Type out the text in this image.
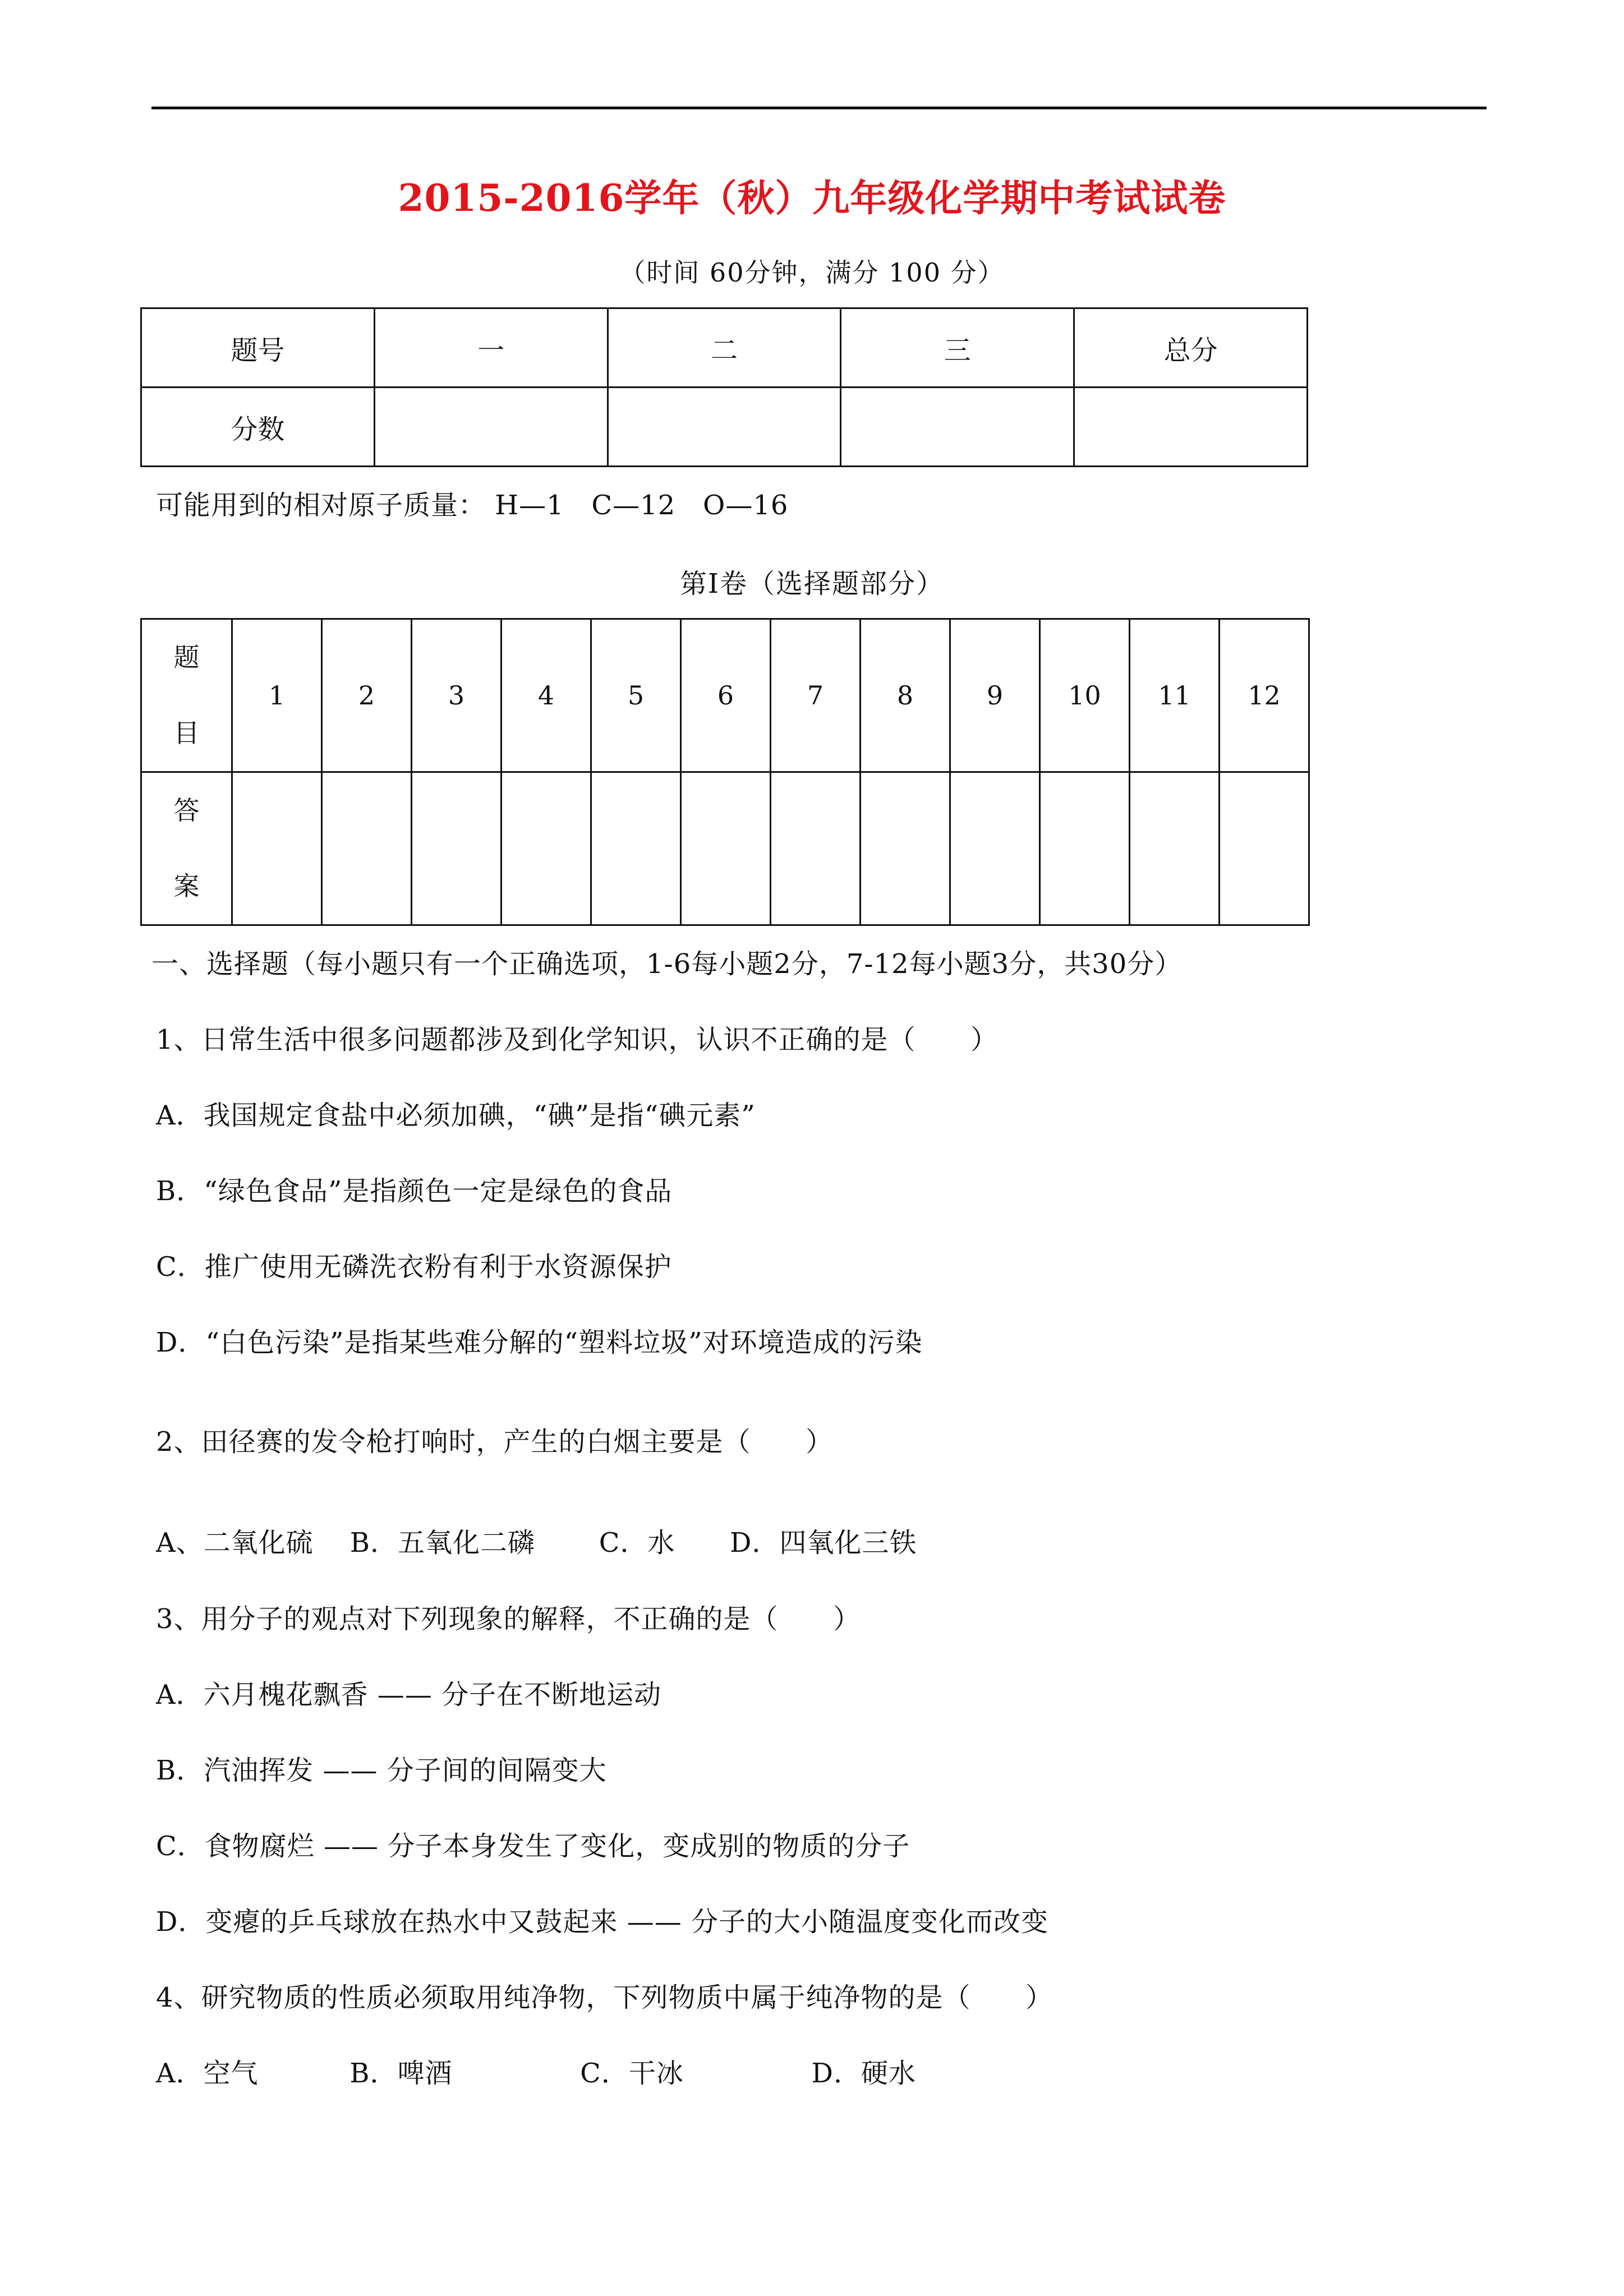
2015-2016学年（秋）九年级化学期中考试试卷
（时间 60分钟，满分 100 分）
题号	一	二	三	总分
分数				
可能用到的相对原子质量： H—1   C—12   O—16
第Ⅰ卷（选择题部分）
题
目	1	2	3	4	5	6	7	8	9	10	11	12
答
案												
一、选择题（每小题只有一个正确选项，1-6每小题2分，7-12每小题3分，共30分）
1、日常生活中很多问题都涉及到化学知识，认识不正确的是（      ）
A．我国规定食盐中必须加碘，“碘”是指“碘元素”
B．“绿色食品”是指颜色一定是绿色的食品
C．推广使用无磷洗衣粉有利于水资源保护
D．“白色污染”是指某些难分解的“塑料垃圾”对环境造成的污染
2、田径赛的发令枪打响时，产生的白烟主要是（      ）
A、二氧化硫    B．五氧化二磷       C．水      D．四氧化三铁
3、用分子的观点对下列现象的解释，不正确的是（      ）
A．六月槐花飘香 —— 分子在不断地运动
B．汽油挥发 —— 分子间的间隔变大
C．食物腐烂 —— 分子本身发生了变化，变成别的物质的分子
D．变瘪的乒乓球放在热水中又鼓起来 —— 分子的大小随温度变化而改变
4、研究物质的性质必须取用纯净物，下列物质中属于纯净物的是（      ）
A．空气          B．啤酒              C．干冰              D．硬水
